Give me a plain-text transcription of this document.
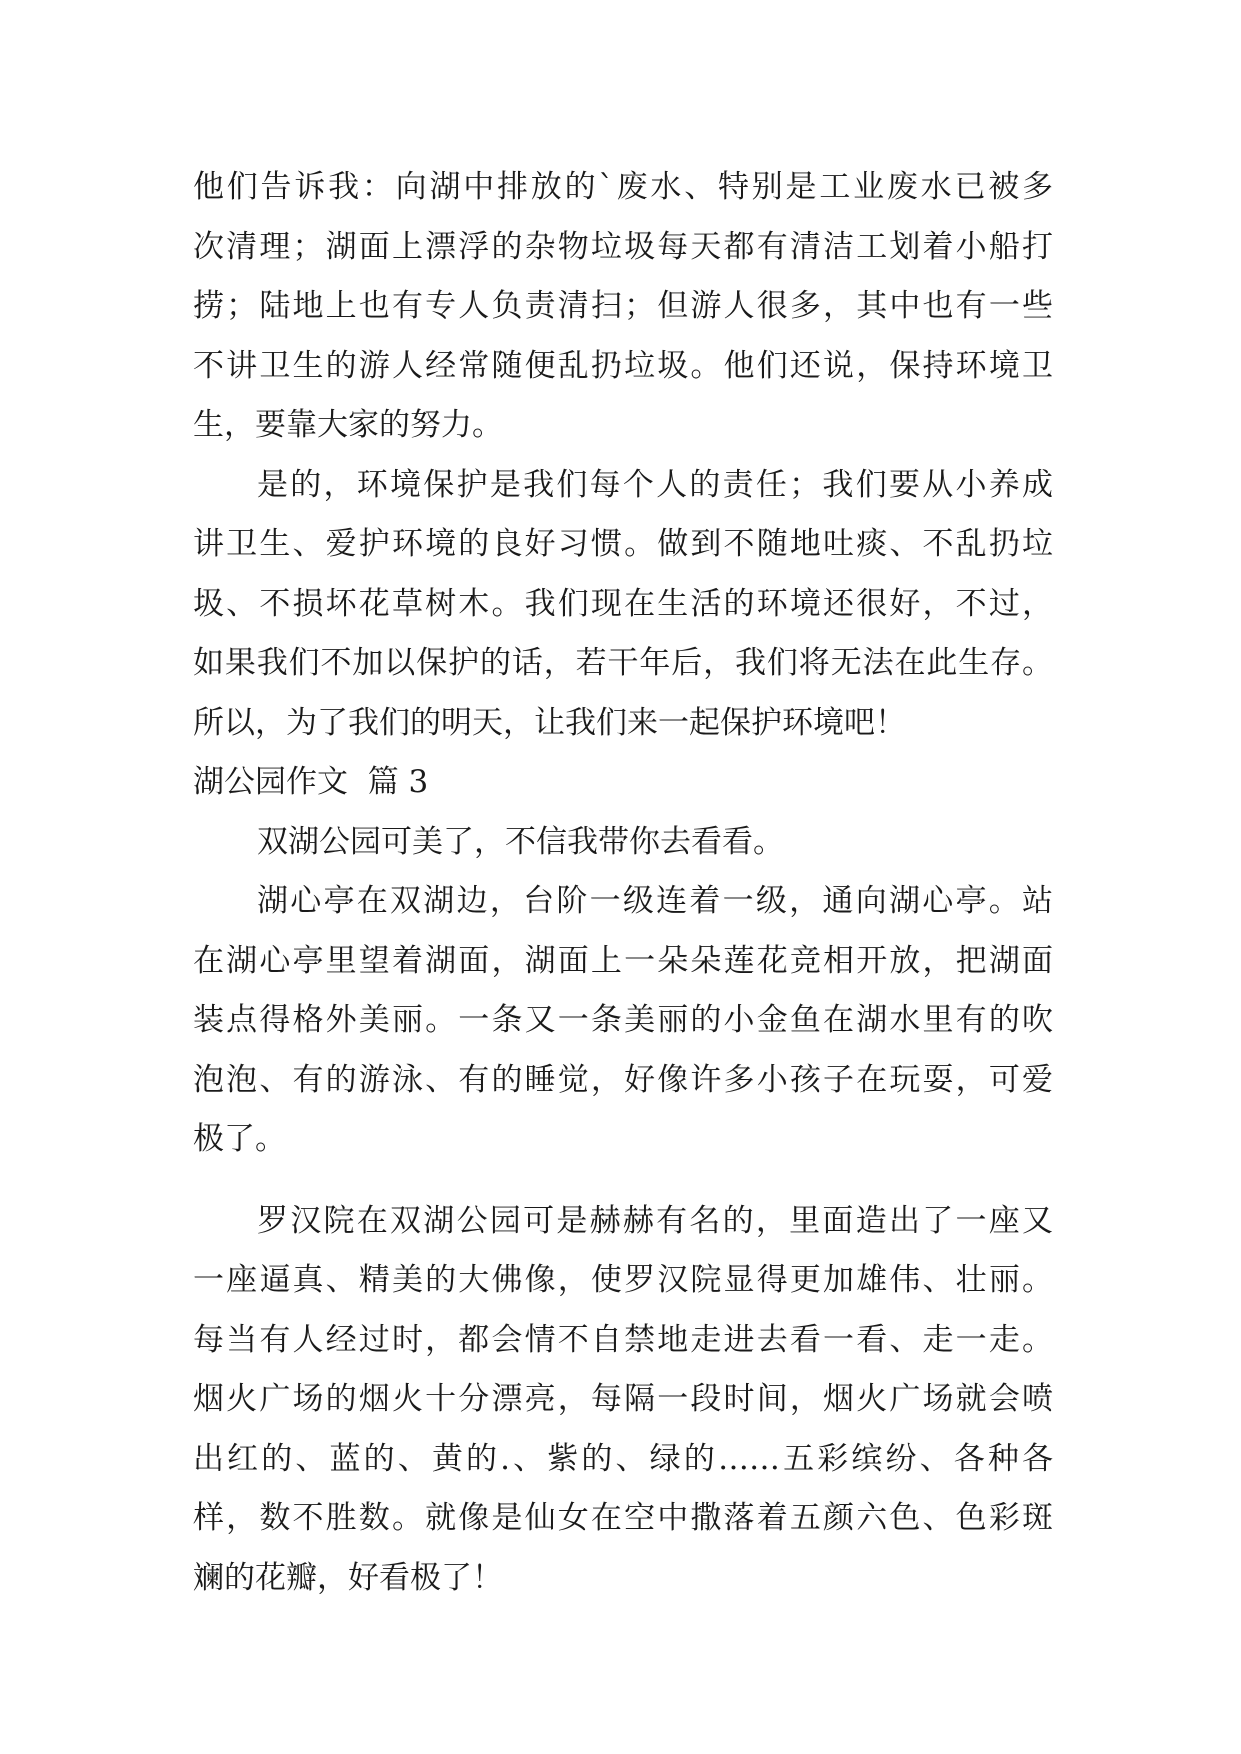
他们告诉我：向湖中排放的`废水、特别是工业废水已被多
次清理；湖面上漂浮的杂物垃圾每天都有清洁工划着小船打
捞；陆地上也有专人负责清扫；但游人很多，其中也有一些
不讲卫生的游人经常随便乱扔垃圾。他们还说，保持环境卫
生，要靠大家的努力。
是的，环境保护是我们每个人的责任；我们要从小养成
讲卫生、爱护环境的良好习惯。做到不随地吐痰、不乱扔垃
圾、不损坏花草树木。我们现在生活的环境还很好，不过，
如果我们不加以保护的话，若干年后，我们将无法在此生存。
所以，为了我们的明天，让我们来一起保护环境吧！
湖公园作文  篇 3
双湖公园可美了，不信我带你去看看。
湖心亭在双湖边，台阶一级连着一级，通向湖心亭。站
在湖心亭里望着湖面，湖面上一朵朵莲花竞相开放，把湖面
装点得格外美丽。一条又一条美丽的小金鱼在湖水里有的吹
泡泡、有的游泳、有的睡觉，好像许多小孩子在玩耍，可爱
极了。
罗汉院在双湖公园可是赫赫有名的，里面造出了一座又
一座逼真、精美的大佛像，使罗汉院显得更加雄伟、壮丽。
每当有人经过时，都会情不自禁地走进去看一看、走一走。
烟火广场的烟火十分漂亮，每隔一段时间，烟火广场就会喷
出红的、蓝的、黄的.、紫的、绿的……五彩缤纷、各种各
样，数不胜数。就像是仙女在空中撒落着五颜六色、色彩斑
斓的花瓣，好看极了！
